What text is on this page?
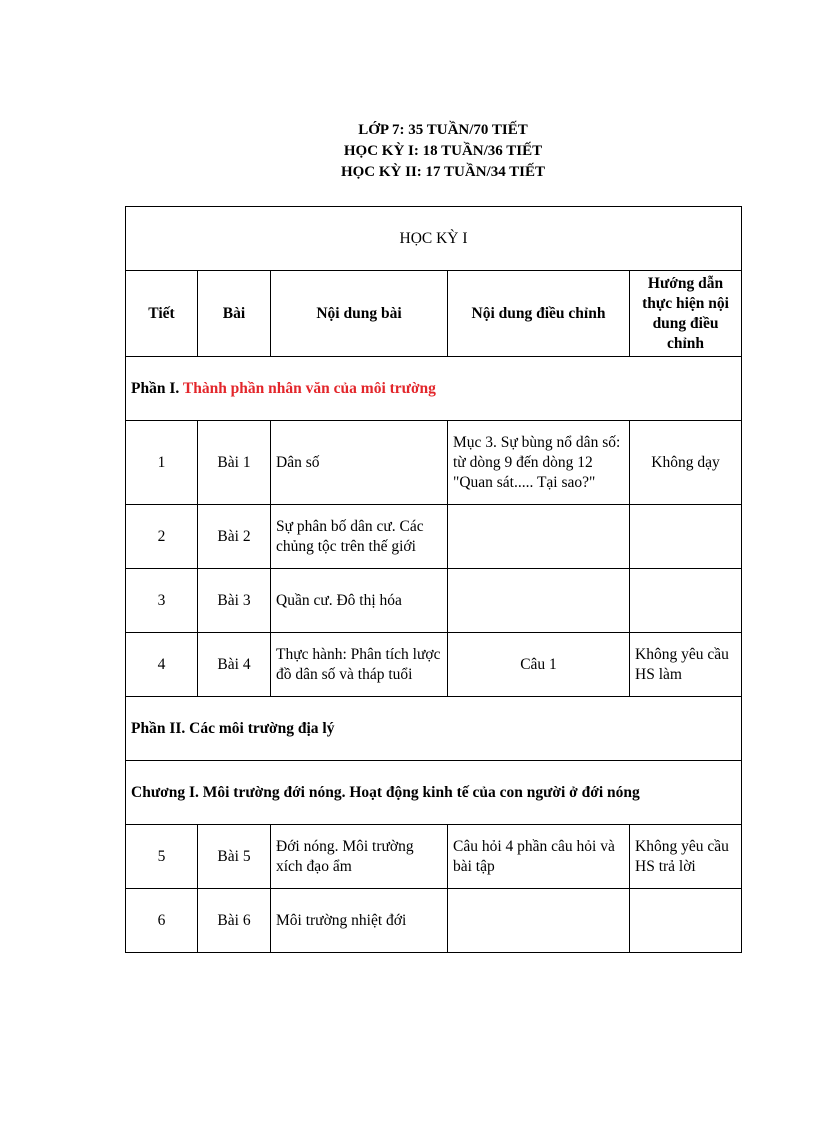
LỚP 7: 35 TUẦN/70 TIẾT
HỌC KỲ I: 18 TUẦN/36 TIẾT
HỌC KỲ II: 17 TUẦN/34 TIẾT
HỌC KỲ I				
Tiết	Bài	Nội dung bài	Nội dung điều chỉnh	Hướng dẫn thực hiện nội dung điều chỉnh
Phần I. Thành phần nhân văn của môi trường				
1	Bài 1	Dân số	Mục 3. Sự bùng nổ dân số: từ dòng 9 đến dòng 12 "Quan sát..... Tại sao?"	Không dạy
2	Bài 2	Sự phân bố dân cư. Các chủng tộc trên thế giới		
3	Bài 3	Quần cư. Đô thị hóa		
4	Bài 4	Thực hành: Phân tích lược đồ dân số và tháp tuổi	Câu 1	Không yêu cầu HS làm
Phần II. Các môi trường địa lý				
Chương I. Môi trường đới nóng. Hoạt động kinh tế của con người ở đới nóng				
5	Bài 5	Đới nóng. Môi trường xích đạo ẩm	Câu hỏi 4 phần câu hỏi và bài tập	Không yêu cầu HS trả lời
6	Bài 6	Môi trường nhiệt đới		
